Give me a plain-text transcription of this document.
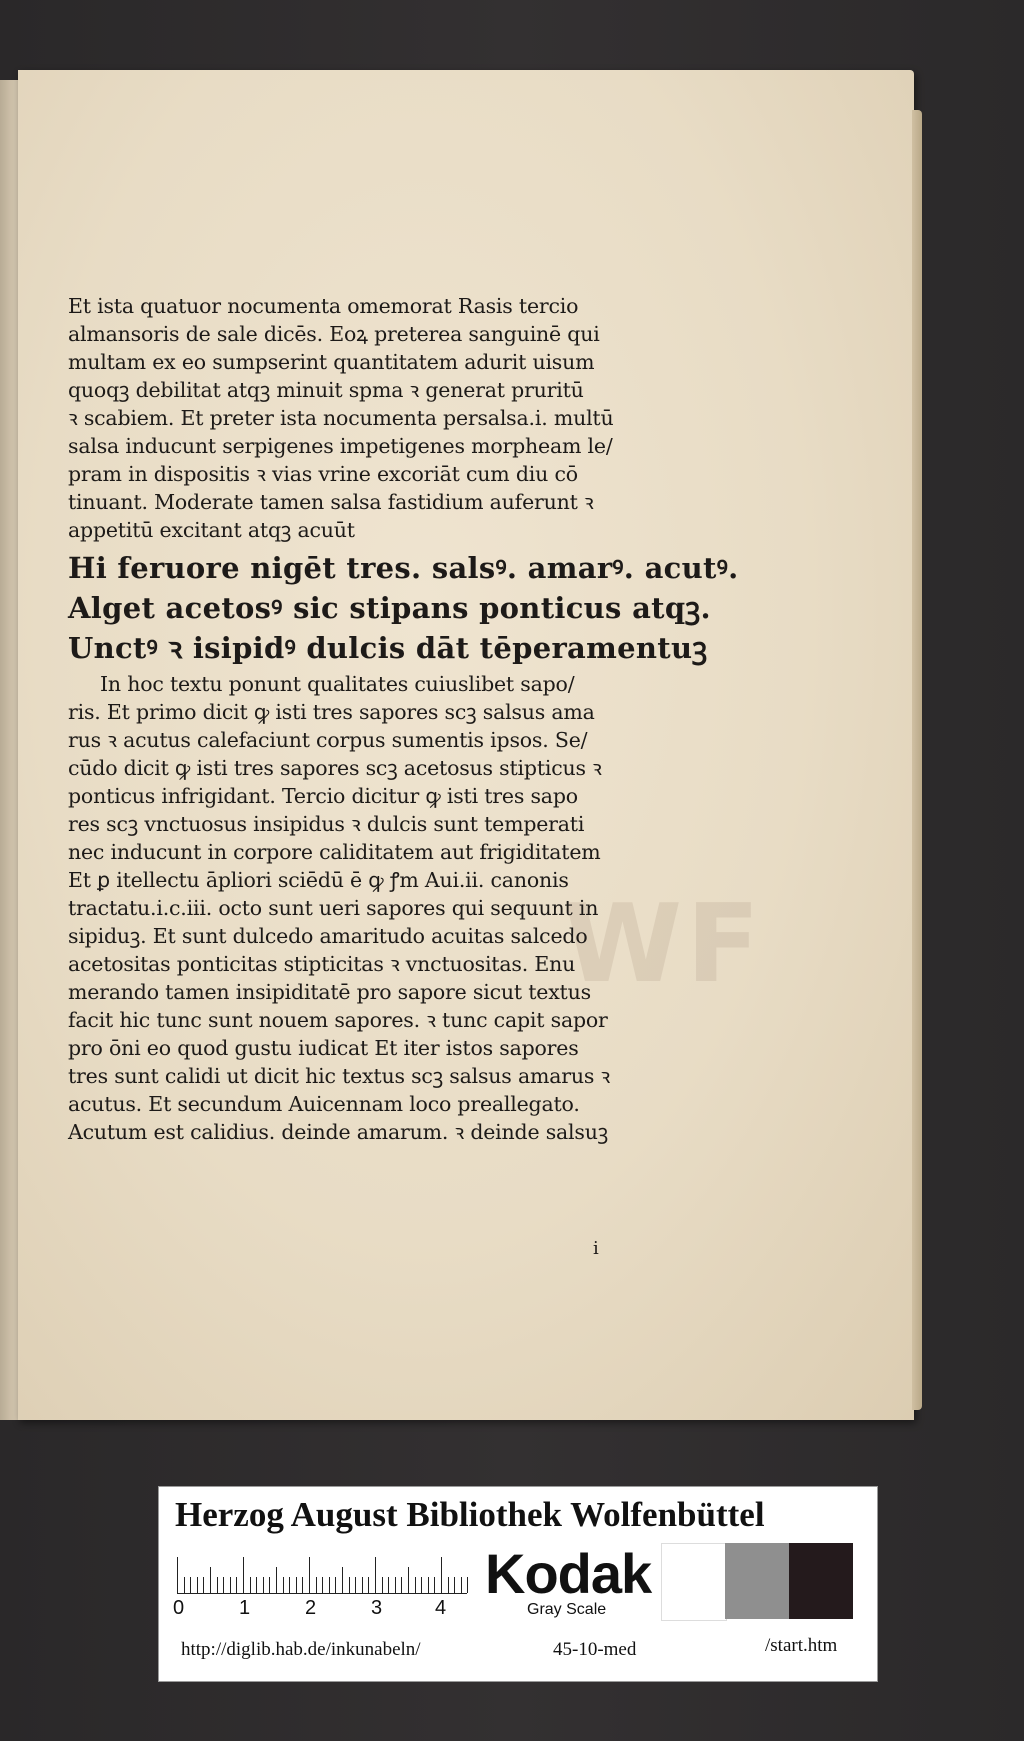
WF

Et ista quatuor nocumenta omemorat Rasis tercio
almansoris de sale dicēs. Eoꝝ preterea sanguinē qui
multam ex eo sumpserint quantitatem adurit uisum
quoqꝫ debilitat atqꝫ minuit spma ꝛ generat pruritū
ꝛ scabiem. Et preter ista nocumenta persalsa.i. multū
salsa inducunt serpigenes impetigenes morpheam le/
pram in dispositis ꝛ vias vrine excoriāt cum diu cō
tinuant. Moderate tamen salsa fastidium auferunt ꝛ
appetitū excitant atqꝫ acuūt

Hi feruore nigēt tres. salsꝰ. amarꝰ. acutꝰ.
Alget acetosꝰ sic stipans ponticus atqꝫ.
Unctꝰ ꝛ isipidꝰ dulcis dāt tēperamentuꝫ

In hoc textu ponunt qualitates cuiuslibet sapo/
ris. Et primo dicit ꝙ isti tres sapores scꝫ salsus ama
rus ꝛ acutus calefaciunt corpus sumentis ipsos. Se/
cūdo dicit ꝙ isti tres sapores scꝫ acetosus stipticus ꝛ
ponticus infrigidant. Tercio dicitur ꝙ isti tres sapo
res scꝫ vnctuosus insipidus ꝛ dulcis sunt temperati
nec inducunt in corpore caliditatem aut frigiditatem
Et ꝑ itellectu āpliori sciēdū ē ꝙ ꝭm Aui.ii. canonis
tractatu.i.c.iii. octo sunt ueri sapores qui sequunt in
sipiduꝫ. Et sunt dulcedo amaritudo acuitas salcedo
acetositas ponticitas stipticitas ꝛ vnctuositas. Enu
merando tamen insipiditatē pro sapore sicut textus
facit hic tunc sunt nouem sapores. ꝛ tunc capit sapor
pro ōni eo quod gustu iudicat Et iter istos sapores
tres sunt calidi ut dicit hic textus scꝫ salsus amarus ꝛ
acutus. Et secundum Auicennam loco preallegato.
Acutum est calidius. deinde amarum. ꝛ deinde salsuꝫ

i
Herzog August Bibliothek Wolfenbüttel
0	1	2	3	4
Kodak
Gray Scale
http://diglib.hab.de/inkunabeln/	45-10-med	/start.htm
